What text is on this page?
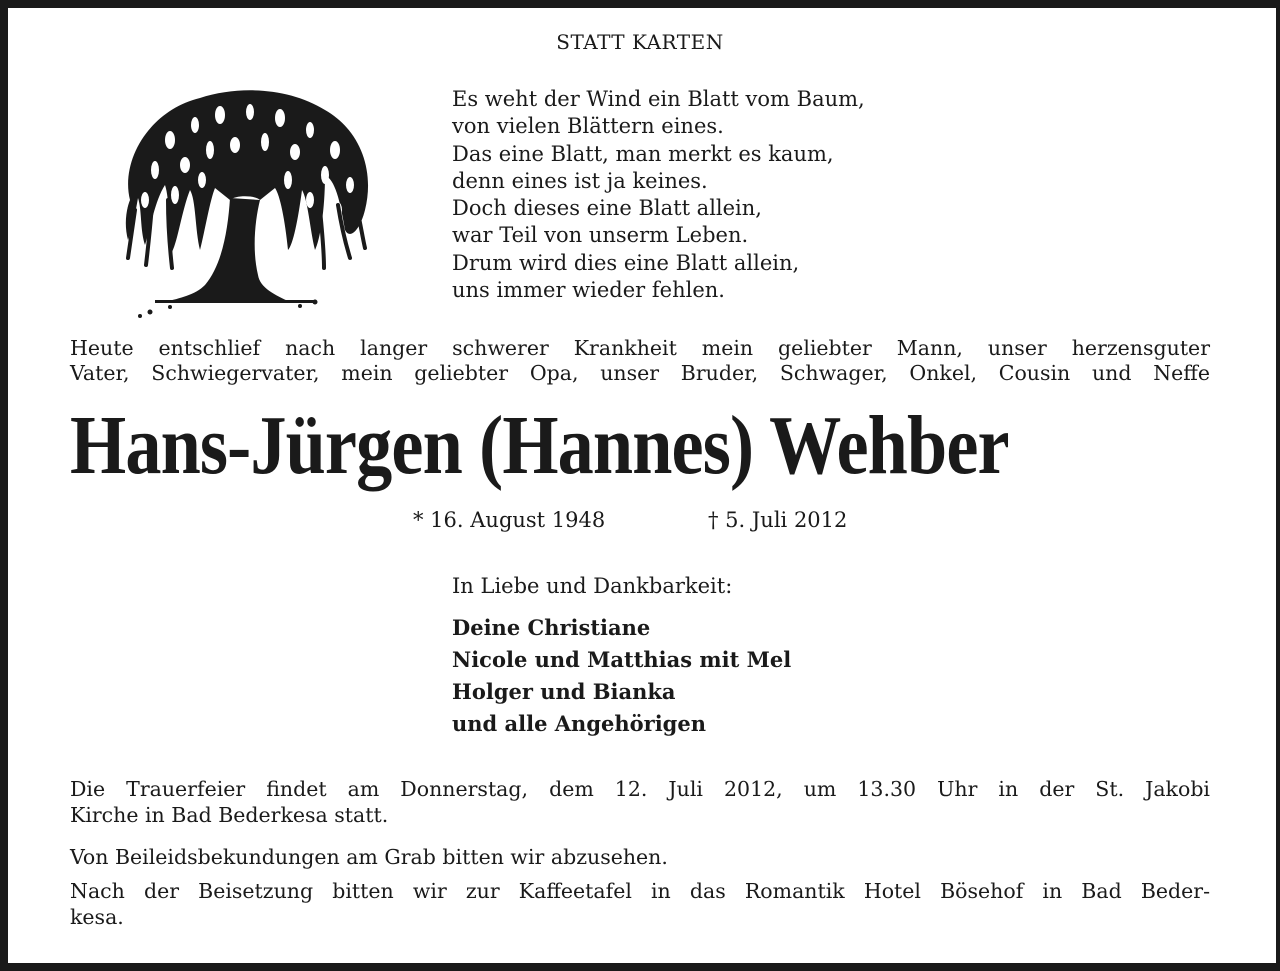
STATT KARTEN
Es weht der Wind ein Blatt vom Baum,
von vielen Blättern eines.
Das eine Blatt, man merkt es kaum,
denn eines ist ja keines.
Doch dieses eine Blatt allein,
war Teil von unserm Leben.
Drum wird dies eine Blatt allein,
uns immer wieder fehlen.
Heute entschlief nach langer schwerer Krankheit mein geliebter Mann, unser herzensguter
Vater, Schwiegervater, mein geliebter Opa, unser Bruder, Schwager, Onkel, Cousin und Neffe
Hans-Jürgen (Hannes) Wehber
* 16. August 1948	† 5. Juli 2012
In Liebe und Dankbarkeit:
Deine Christiane
Nicole und Matthias mit Mel
Holger und Bianka
und alle Angehörigen
Die Trauerfeier findet am Donnerstag, dem 12. Juli 2012, um 13.30 Uhr in der St. Jakobi
Kirche in Bad Bederkesa statt.
Von Beileidsbekundungen am Grab bitten wir abzusehen.
Nach der Beisetzung bitten wir zur Kaffeetafel in das Romantik Hotel Bösehof in Bad Beder-
kesa.
